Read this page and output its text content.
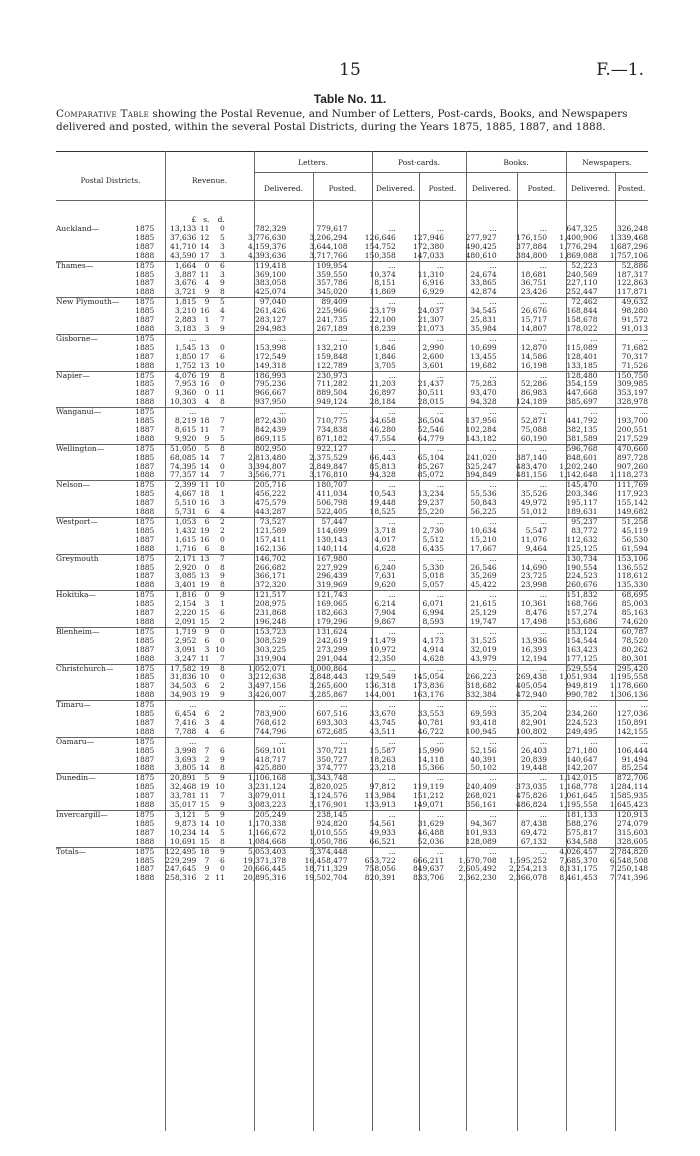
15	F.—1.
Table No. 11.
Comparative Table showing the Postal Revenue, and Number of Letters, Post-cards, Books, and Newspapers delivered and posted, within the several Postal Districts, during the Years 1875, 1885, 1887, and 1888.
Postal Districts.	Revenue.
Letters.	Post-cards.	Books.	Newspapers.
Delivered.	Posted.	Delivered.	Posted.	Delivered.	Posted.	Delivered.	Posted.
		£	s.	d.								
Auckland—	1875	13,133	11	0	782,329	779,617	...	...	...	...	647,325	326,248
	1885	37,636	12	5	3,776,630	3,206,294	126,646	127,946	277,927	176,150	1,400,906	1,339,468
	1887	41,710	14	3	4,159,376	3,644,108	154,752	172,380	490,425	377,884	1,776,294	1,687,296
	1888	43,590	17	3	4,393,636	3,717,766	150,358	147,033	480,610	384,800	1,869,088	1,757,106
Thames—	1875	1,664	0	6	119,418	109,954	...	...	...	...	52,223	52,886
	1885	3,887	11	3	369,100	359,550	10,374	11,310	24,674	18,681	240,569	187,317
	1887	3,676	4	9	383,058	357,786	8,151	6,916	33,865	36,751	227,110	122,863
	1888	3,721	9	8	425,074	345,020	11,869	6,929	42,874	23,426	252,447	117,871
New Plymouth—	1875	1,815	9	5	97,040	89,409	...	...	...	...	72,462	49,632
	1885	3,210	16	4	261,426	225,966	23,179	24,037	34,545	26,676	168,844	98,280
	1887	2,883	1	7	283,127	241,735	22,100	21,307	25,831	15,717	158,678	91,572
	1888	3,183	3	9	294,983	267,189	18,239	21,073	35,984	14,807	178,022	91,013
Gisborne—	1875	...			...	...	...	...	...	...	...	...
	1885	1,545	13	0	153,998	132,210	1,846	2,990	10,699	12,870	115,089	71,682
	1887	1,850	17	6	172,549	159,848	1,846	2,600	13,455	14,586	128,401	70,317
	1888	1,752	13	10	149,318	122,789	3,705	3,601	19,682	16,198	133,185	71,526
Napier—	1875	4,076	19	8	186,993	230,973	...	...	...	...	128,480	150,750
	1885	7,953	16	0	795,236	711,282	21,203	21,437	75,283	52,286	354,159	309,985
	1887	9,360	0	11	966,667	889,504	26,897	30,511	93,470	86,983	447,668	353,197
	1888	10,303	4	8	937,950	949,124	28,184	28,015	94,328	124,189	385,697	328,978
Wanganui—	1875	...			...	...	...	...	...	...	...	...
	1885	8,219	18	7	872,430	710,775	34,658	36,504	137,956	52,871	441,792	193,700
	1887	8,615	11	7	842,439	734,838	46,280	52,546	102,284	75,088	382,135	200,551
	1888	9,920	9	5	869,115	871,182	47,554	64,779	143,182	60,190	381,589	217,529
Wellington—	1875	51,050	5	8	802,950	922,127	...	...	...	...	596,768	470,660
	1885	68,085	14	7	2,813,480	2,375,529	66,443	65,104	241,020	387,140	848,601	897,728
	1887	74,395	14	0	3,394,807	2,849,847	85,813	85,267	325,247	483,470	1,202,240	907,260
	1888	77,357	14	7	3,566,771	3,176,810	94,328	85,072	394,849	481,156	1,142,648	1,118,273
Nelson—	1875	2,399	11	10	205,716	180,707	...	...	...	...	145,470	111,769
	1885	4,667	18	1	456,222	411,034	10,543	13,234	55,536	35,526	203,346	117,923
	1887	5,510	16	3	475,579	506,798	19,448	29,237	50,843	49,972	195,117	155,142
	1888	5,731	6	4	443,287	522,405	18,525	25,220	56,225	51,012	189,631	149,682
Westport—	1875	1,053	6	2	73,527	57,447	...	...	...	...	95,237	51,258
	1885	1,432	19	2	121,589	114,699	3,718	2,730	10,634	5,547	83,772	45,119
	1887	1,615	16	0	157,411	130,143	4,017	5,512	15,210	11,076	112,632	56,530
	1888	1,716	6	8	162,136	140,114	4,628	6,435	17,667	9,464	125,125	61,594
Greymouth	1875	2,171	13	7	146,702	167,980	...	...	...	...	130,734	153,106
	1885	2,920	0	8	266,682	227,929	6,240	5,330	26,546	14,690	190,554	136,552
	1887	3,085	13	9	366,171	296,439	7,631	5,018	35,269	23,725	224,523	118,612
	1888	3,401	19	8	372,320	319,969	9,620	5,057	45,422	23,998	260,676	135,330
Hokitika—	1875	1,816	0	9	121,517	121,743	...	...	...	...	151,832	68,695
	1885	2,154	3	1	208,975	169,065	6,214	6,071	21,615	10,361	168,766	85,003
	1887	2,220	15	6	231,868	182,663	7,904	6,994	25,129	8,476	157,274	85,163
	1888	2,091	15	2	196,248	179,296	9,867	8,593	19,747	17,498	153,686	74,620
Blenheim—	1875	1,719	9	0	153,723	131,624	...	...	...	...	153,124	60,787
	1885	2,952	6	0	308,529	242,619	11,479	4,173	31,525	13,936	154,544	78,520
	1887	3,091	3	10	303,225	273,299	10,972	4,914	32,019	16,393	163,423	80,262
	1888	3,247	11	7	319,904	291,044	12,350	4,628	43,979	12,194	177,125	80,301
Christchurch—	1875	17,582	19	8	1,052,071	1,000,864	...	...	...	...	529,554	295,420
	1885	31,836	10	0	3,212,638	2,848,443	129,549	145,054	266,223	269,438	1,051,934	1,195,558
	1887	34,503	6	2	3,497,156	3,265,600	136,318	173,836	318,682	405,054	949,819	1,178,660
	1888	34,903	19	9	3,426,007	3,285,867	144,001	163,176	332,384	472,940	990,782	1,306,136
Timaru—	1875	...			...	...	...	...	...	...	...	...
	1885	6,454	6	2	783,900	607,516	33,670	33,553	69,593	35,204	234,260	127,036
	1887	7,416	3	4	768,612	693,303	43,745	40,781	93,418	82,901	224,523	150,891
	1888	7,788	4	6	744,796	672,685	43,511	46,722	100,945	100,802	249,495	142,155
Oamaru—	1875	...			...	...	...	...	...	...	...	...
	1885	3,998	7	6	569,101	370,721	15,587	15,990	52,156	26,403	271,180	106,444
	1887	3,693	2	9	418,717	350,727	18,263	14,118	40,391	20,839	140,647	91,494
	1888	3,805	14	8	425,880	374,777	23,218	15,366	50,102	19,448	142,207	85,254
Dunedin—	1875	20,891	5	9	1,106,168	1,343,748	...	...	...	...	1,142,015	872,706
	1885	32,468	19	10	3,231,124	2,820,025	97,812	119,119	240,409	373,035	1,168,778	1,284,114
	1887	33,781	11	7	3,079,011	3,124,576	113,984	151,212	268,021	475,826	1,061,645	1,585,935
	1888	35,017	15	9	3,083,223	3,176,901	133,913	149,071	356,161	486,824	1,195,558	1,645,423
Invercargill—	1875	3,121	5	9	205,249	238,145	...	...	...	...	181,133	120,913
	1885	9,873	14	10	1,170,338	924,820	54,561	31,629	94,367	87,438	588,276	274,079
	1887	10,234	14	5	1,166,672	1,010,555	49,933	46,488	101,933	69,472	575,817	315,603
	1888	10,691	15	8	1,084,668	1,050,786	66,521	52,036	128,089	67,132	634,588	328,605
Totals—	1875	122,495	18	9	5,053,403	5,374,448	...	...	...	...	4,026,457	2,784,820
	1885	229,299	7	6	19,371,378	16,458,477	653,722	666,211	1,670,708	1,595,252	7,685,370	6,548,508
	1887	247,645	9	0	20,666,445	18,711,329	758,056	849,637	2,605,492	2,254,213	8,131,175	7,250,148
	1888	258,316	2	11	20,895,316	19,502,704	820,391	833,706	2,362,230	2,366,078	8,461,453	7,741,396
